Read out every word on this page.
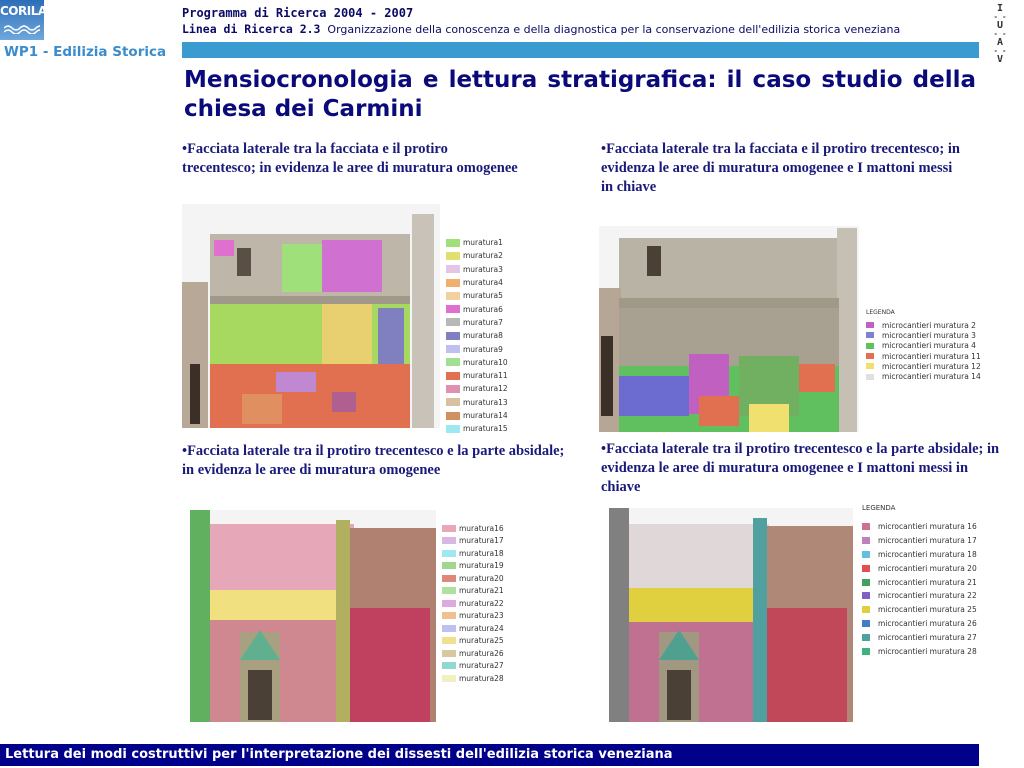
CORILA	Programma di Ricerca 2004 - 2007
Linea di Ricerca 2.3 Organizzazione della conoscenza e della diagnostica per la conservazione dell'edilizia storica veneziana
I
- -
U
- -
A
- -
V
WP1 - Edilizia Storica
Mensiocronologia e lettura stratigrafica: il caso studio della chiesa dei Carmini
•Facciata laterale tra la facciata e il protiro trecentesco; in evidenza le aree di muratura omogenee
•Facciata laterale tra la facciata e il protiro trecentesco; in evidenza le aree di muratura omogenee e I mattoni messi in chiave
•Facciata laterale tra il protiro trecentesco e la parte absidale; in evidenza le aree di muratura omogenee
•Facciata laterale tra il protiro trecentesco e la parte absidale; in evidenza le aree di muratura omogenee e I mattoni messi in chiave
muratura1
muratura2
muratura3
muratura4
muratura5
muratura6
muratura7
muratura8
muratura9
muratura10
muratura11
muratura12
muratura13
muratura14
muratura15
LEGENDA
microcantieri muratura 2
microcantieri muratura 3
microcantieri muratura 4
microcantieri muratura 11
microcantieri muratura 12
microcantieri muratura 14
muratura16
muratura17
muratura18
muratura19
muratura20
muratura21
muratura22
muratura23
muratura24
muratura25
muratura26
muratura27
muratura28
LEGENDA
microcantieri muratura 16
microcantieri muratura 17
microcantieri muratura 18
microcantieri muratura 20
microcantieri muratura 21
microcantieri muratura 22
microcantieri muratura 25
microcantieri muratura 26
microcantieri muratura 27
microcantieri muratura 28
Lettura dei modi costruttivi per l'interpretazione dei dissesti dell'edilizia storica veneziana
